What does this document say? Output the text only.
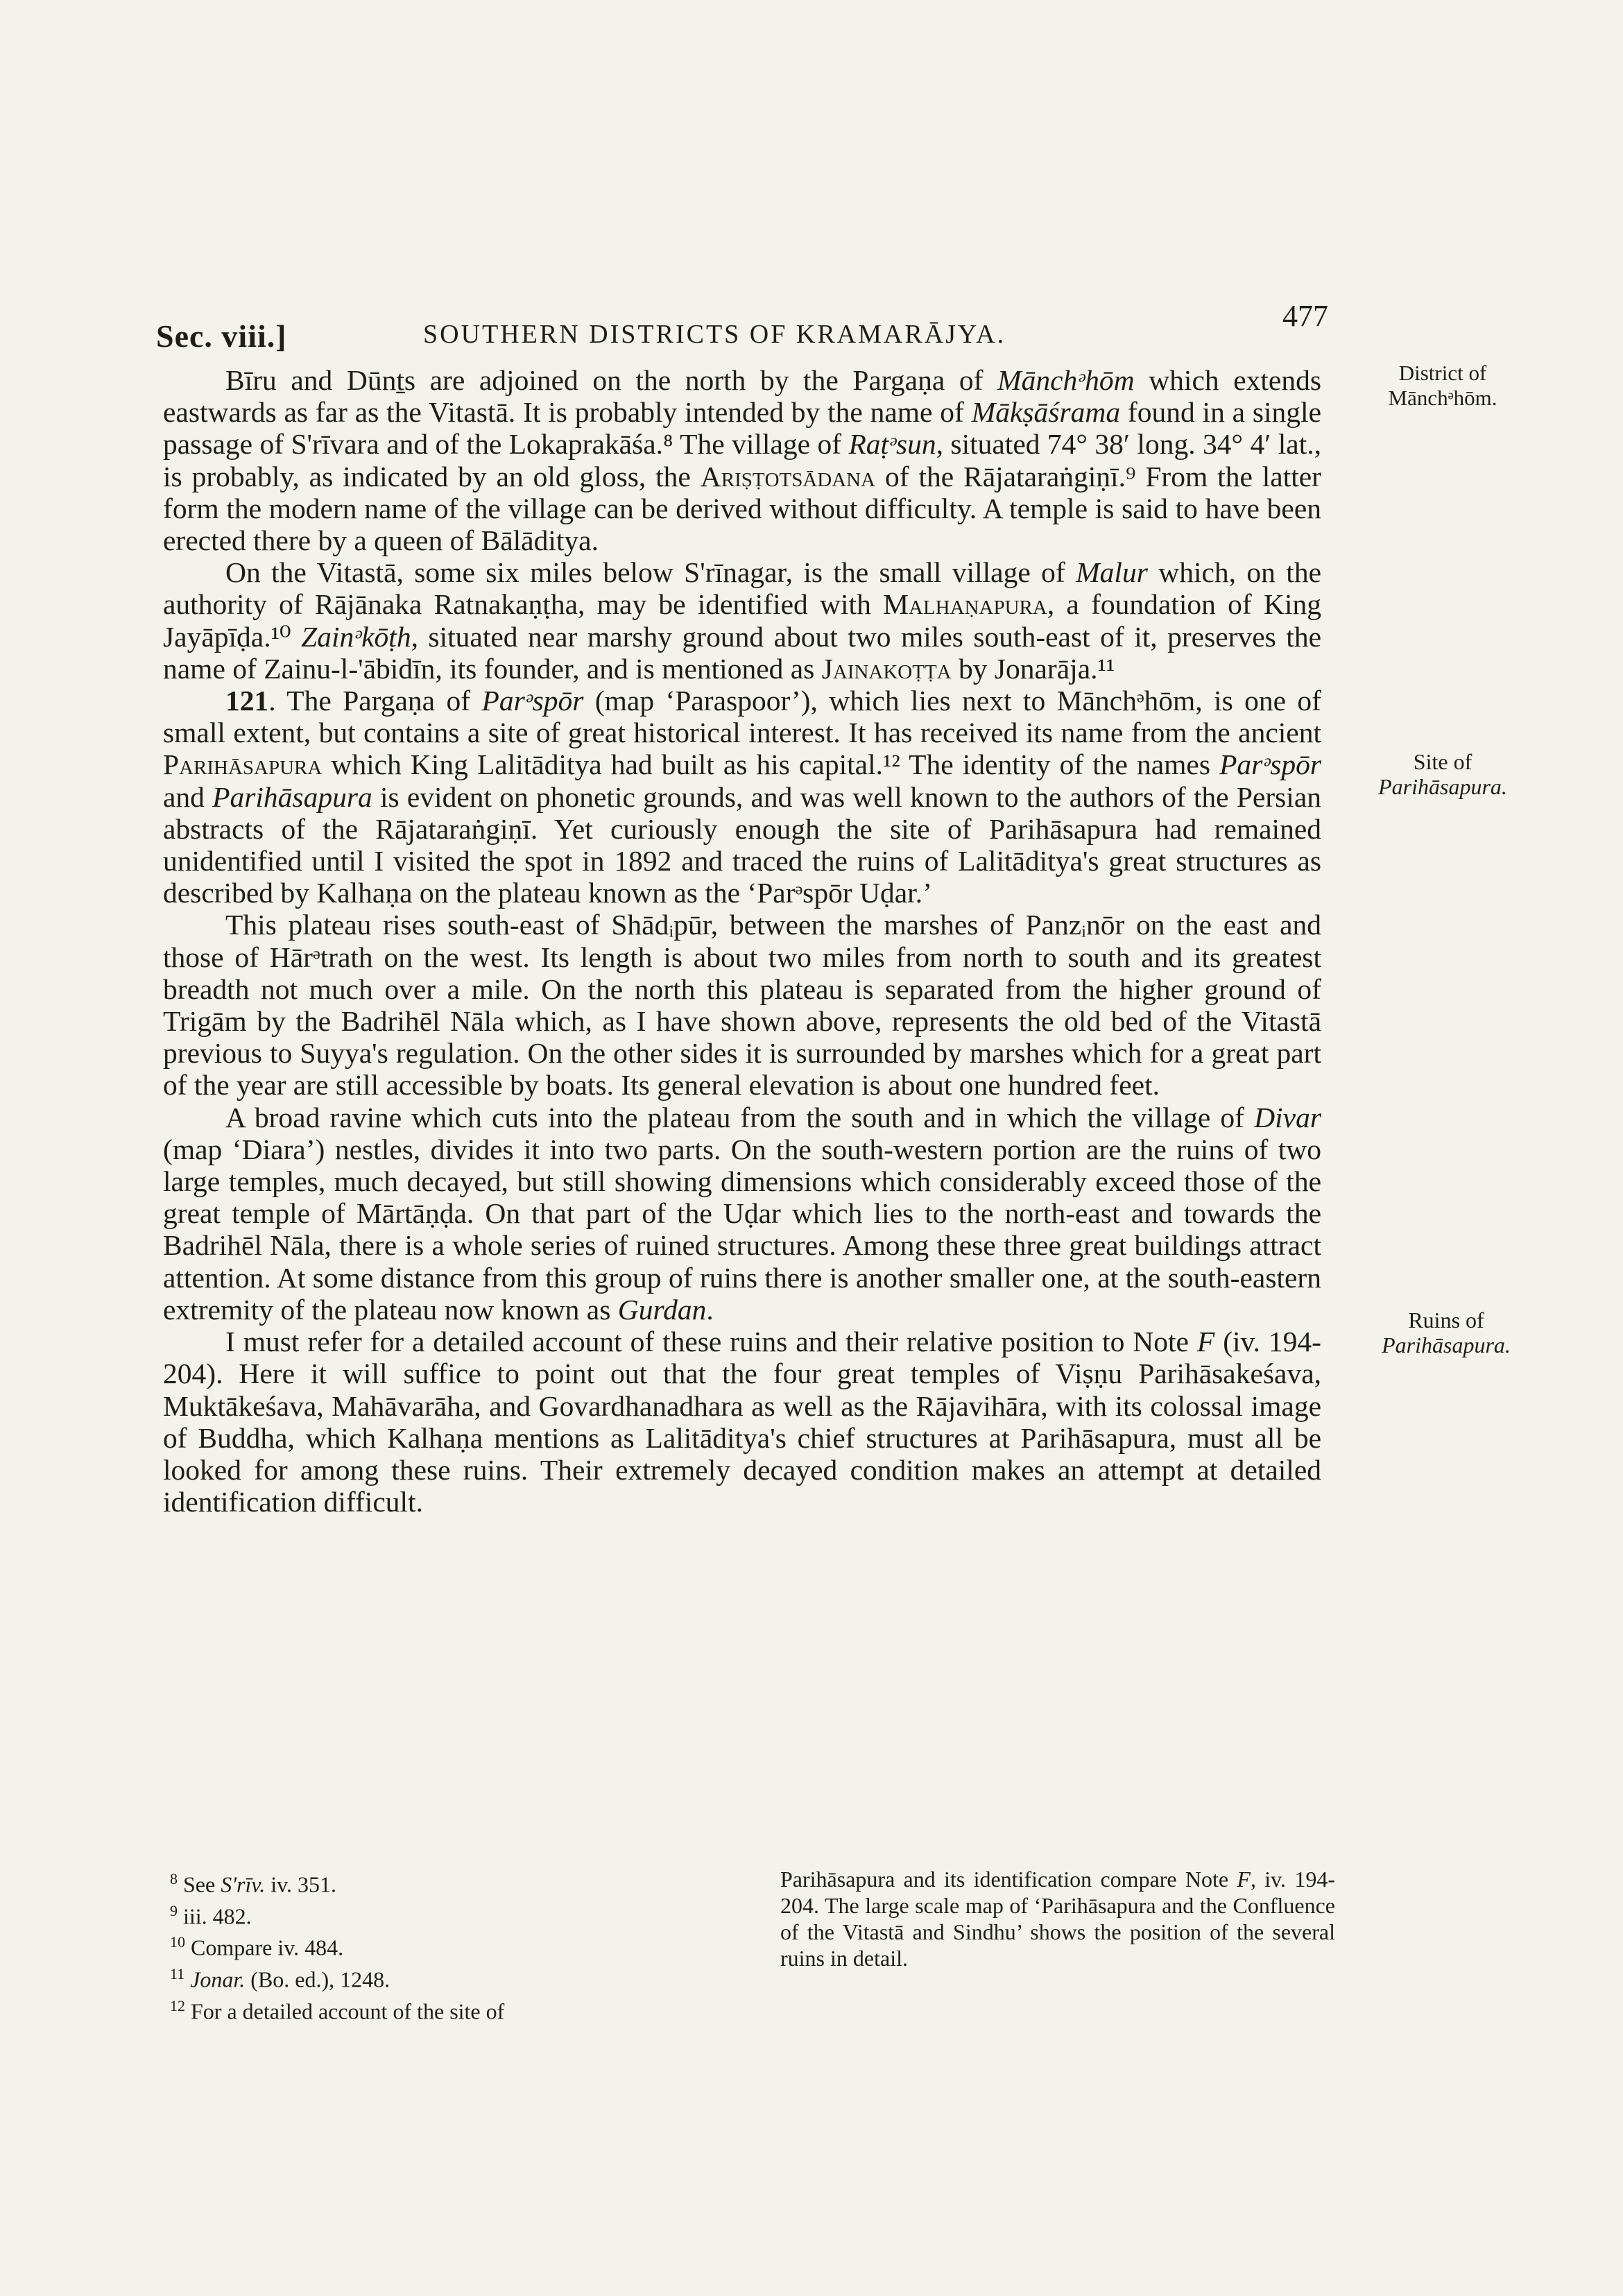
Sec. viii.]	SOUTHERN DISTRICTS OF KRAMARĀJYA.
477
District of
Mānchᵊhōm.
Site of
Parihāsapura.
Ruins of
Parihāsapura.

Bīru and Dūnṯs are adjoined on the north by the Pargaṇa of Mānchᵊhōm which extends eastwards as far as the Vitastā. It is probably intended by the name of Mākṣāśrama found in a single passage of S'rīvara and of the Lokaprakāśa.⁸ The village of Raṭᵊsun, situated 74° 38′ long. 34° 4′ lat., is probably, as indicated by an old gloss, the Ariṣṭotsādana of the Rājataraṅgiṇī.⁹ From the latter form the modern name of the village can be derived without difficulty. A temple is said to have been erected there by a queen of Bālāditya.

On the Vitastā, some six miles below S'rīnagar, is the small village of Malur which, on the authority of Rājānaka Ratnakaṇṭha, may be identified with Malhaṇapura, a foundation of King Jayāpīḍa.¹⁰ Zainᵊkōṭh, situated near marshy ground about two miles south-east of it, preserves the name of Zainu-l-'ābidīn, its founder, and is mentioned as Jainakoṭṭa by Jonarāja.¹¹

121. The Pargaṇa of Parᵊspōr (map ‘Paraspoor’), which lies next to Mānchᵊhōm, is one of small extent, but contains a site of great historical interest. It has received its name from the ancient Parihāsapura which King Lalitāditya had built as his capital.¹² The identity of the names Parᵊspōr and Parihāsapura is evident on phonetic grounds, and was well known to the authors of the Persian abstracts of the Rājataraṅgiṇī. Yet curiously enough the site of Parihāsapura had remained unidentified until I visited the spot in 1892 and traced the ruins of Lalitāditya's great structures as described by Kalhaṇa on the plateau known as the ‘Parᵊspōr Uḍar.’

This plateau rises south-east of Shādᵢpūr, between the marshes of Panzᵢnōr on the east and those of Hārᵊtrath on the west. Its length is about two miles from north to south and its greatest breadth not much over a mile. On the north this plateau is separated from the higher ground of Trigām by the Badrihēl Nāla which, as I have shown above, represents the old bed of the Vitastā previous to Suyya's regulation. On the other sides it is surrounded by marshes which for a great part of the year are still accessible by boats. Its general elevation is about one hundred feet.

A broad ravine which cuts into the plateau from the south and in which the village of Divar (map ‘Diara’) nestles, divides it into two parts. On the south-western portion are the ruins of two large temples, much decayed, but still showing dimensions which considerably exceed those of the great temple of Mārtāṇḍa. On that part of the Uḍar which lies to the north-east and towards the Badrihēl Nāla, there is a whole series of ruined structures. Among these three great buildings attract attention. At some distance from this group of ruins there is another smaller one, at the south-eastern extremity of the plateau now known as Gurdan.

I must refer for a detailed account of these ruins and their relative position to Note F (iv. 194-204). Here it will suffice to point out that the four great temples of Viṣṇu Parihāsakeśava, Muktākeśava, Mahāvarāha, and Govardhanadhara as well as the Rājavihāra, with its colossal image of Buddha, which Kalhaṇa mentions as Lalitāditya's chief structures at Parihāsapura, must all be looked for among these ruins. Their extremely decayed condition makes an attempt at detailed identification difficult.

$^8$ See S'rīv. iv. 351.

$^9$ iii. 482.

$^{10}$ Compare iv. 484.

$^{11}$ Jonar. (Bo. ed.), 1248.

$^{12}$ For a detailed account of the site of

Parihāsapura and its identification compare Note F, iv. 194-204. The large scale map of ‘Parihāsapura and the Confluence of the Vitastā and Sindhu’ shows the position of the several ruins in detail.
